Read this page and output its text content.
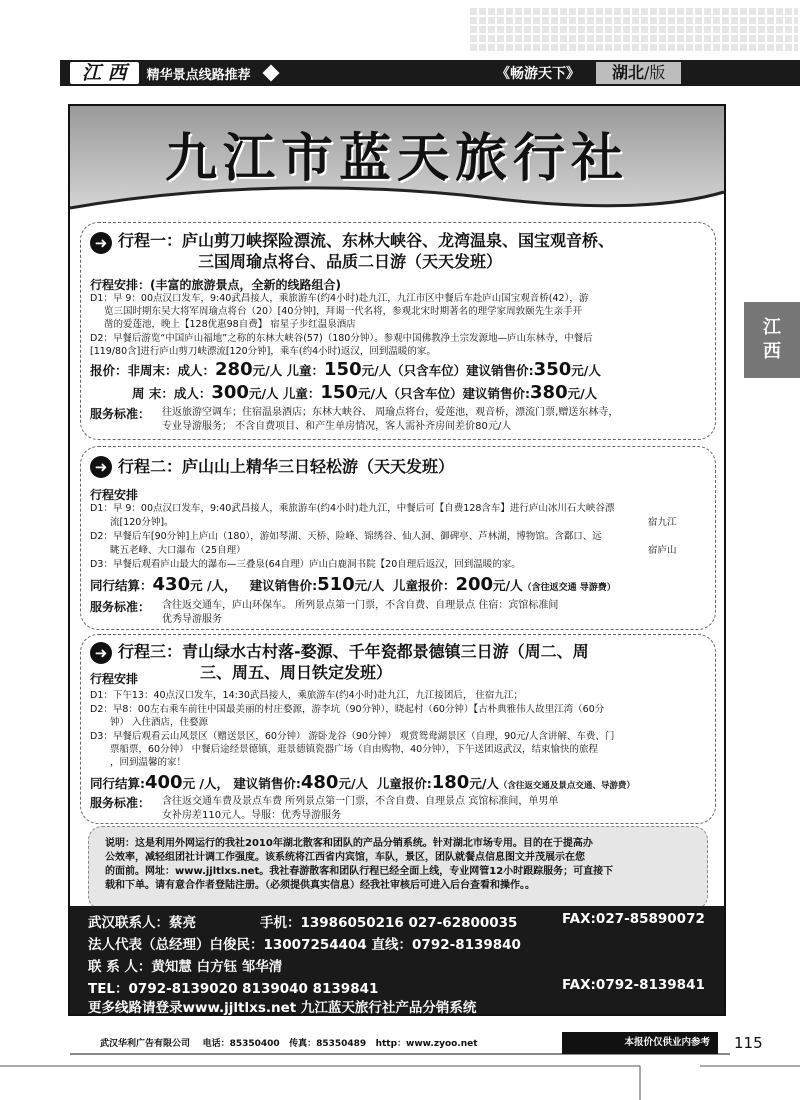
江 西	精华景点线路推荐	《畅游天下》	湖北/版
江
西
九江市蓝天旅行社
➜ 行程一：庐山剪刀峡探险漂流、东林大峡谷、龙湾温泉、国宝观音桥、
三国周瑜点将台、品质二日游（天天发班）
行程安排：(丰富的旅游景点，全新的线路组合)
D1：早 9：00点汉口发车，9:40武昌接人，乘旅游车(约4小时)赴九江，九江市区中餐后车赴庐山国宝观音桥(42），游
览三国时期东吴大将军周瑜点将台（20）[40分钟]，拜谒一代名将，参观北宋时期著名的理学家周敦颐先生亲手开
凿的爱莲池，晚上【128优惠98自费】 宿星子步红温泉酒店
D2：早餐后游览“中国庐山福地”之称的东林大峡谷(57)（180分钟）。参观中国佛教净土宗发源地—庐山东林寺，中餐后
[119/80含]进行庐山剪刀峡漂流[120分钟]，乘车(约4小时)返汉，回到温暖的家。
报价：非周末：成人：280元/人 儿童：150元/人（只含车位）建议销售价:350元/人
周 末：成人：300元/人 儿童：150元/人（只含车位）建议销售价:380元/人
服务标准： 往返旅游空调车；住宿温泉酒店；东林大峡谷、 周瑜点将台，爱莲池，观音桥，漂流门票,赠送东林寺，
专业导游服务； 不含自费项目、和产生单房情况，客人需补齐房间差价80元/人
➜ 行程二：庐山山上精华三日轻松游（天天发班）
行程安排
D1：早 9：00点汉口发车，9:40武昌接人，乘旅游车(约4小时)赴九江，中餐后可【自费128含车】进行庐山冰川石大峡谷漂
流[120分钟]。	宿九江
D2：早餐后车[90分钟]上庐山（180），游如琴湖、天桥、险峰、锦绣谷、仙人洞、御碑亭、芦林湖，博物馆。含鄱口、远
眺五老峰、大口瀑布（25自理）	宿庐山
D3：早餐后观看庐山最大的瀑布—三叠泉(64自理）庐山白鹿洞书院【20自理后返汉，回到温暖的家。
同行结算：430元 /人， 建议销售价:510元/人 儿童报价：200元/人（含往返交通 导游费）
服务标准： 含往返交通车，庐山环保车。 所列景点第一门票，不含自费、自理景点 住宿：宾馆标准间
优秀导游服务
➜ 行程三：青山绿水古村落-婺源、千年瓷都景德镇三日游（周二、周
三、周五、周日铁定发班）
行程安排
D1：下午13：40点汉口发车，14:30武昌接人，乘旅游车(约4小时)赴九江，九江接团后， 住宿九江；
D2：早8：00左右乘车前往中国最美丽的村庄婺源，游李坑（90分钟），晓起村（60分钟）【古朴典雅伟人故里江湾（60分
钟） 入住酒店，住婺源
D3：早餐后观看云山风景区（赠送景区，60分钟） 游卧龙谷（90分钟） 观赏鸳鸯湖景区（自理，90元/人含讲解、车费、门
票船票，60分钟） 中餐后途经景德镇，逛景德镇瓷器广场（自由购物，40分钟），下午送团返武汉，结束愉快的旅程
，回到温馨的家！
同行结算:400元 /人， 建议销售价:480元/人 儿童报价:180元/人（含往返交通及景点交通、导游费）
服务标准： 含往返交通车费及景点车费 所列景点第一门票，不含自费、自理景点 宾馆标准间，单男单
女补房差110元人。导服：优秀导游服务
说明：这是利用外网运行的我社2010年湖北散客和团队的产品分销系统。针对湖北市场专用。目的在于提高办
公效率，减轻组团社计调工作强度。该系统将江西省内宾馆，车队，景区，团队就餐点信息图文并茂展示在您
的面前。网址：www.jjltlxs.net。我社春游散客和团队行程已经全面上线，专业网管12小时跟踪服务；可直接下
载和下单。请有意合作者登陆注册。（必须提供真实信息）经我社审核后可进入后台查看和操作。。
武汉联系人：蔡亮	手机：13986050216 027-62800035	FAX:027-85890072
法人代表（总经理）白俊民：13007254404 直线：0792-8139840
联 系 人：黄知慧 白方钰 邹华清
TEL：0792-8139020 8139040 8139841	FAX:0792-8139841
更多线路请登录www.jjltlxs.net 九江蓝天旅行社产品分销系统
武汉华利广告有限公司 电话：85350400 传真：85350489 http：www.zyoo.net	本报价仅供业内参考	115
